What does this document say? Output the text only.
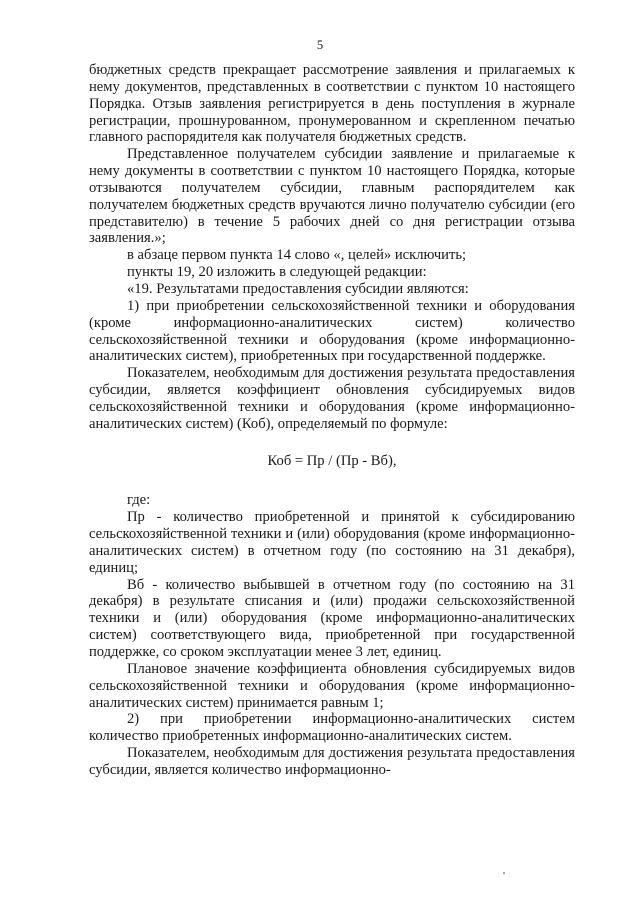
5

бюджетных средств прекращает рассмотрение заявления и прилагаемых к нему документов, представленных в соответствии с пунктом 10 настоящего Порядка. Отзыв заявления регистрируется в день поступления в журнале регистрации, прошнурованном, пронумерованном и скрепленном печатью главного распорядителя как получателя бюджетных средств.

Представленное получателем субсидии заявление и прилагаемые к нему документы в соответствии с пунктом 10 настоящего Порядка, которые отзываются получателем субсидии, главным распорядителем как получателем бюджетных средств вручаются лично получателю субсидии (его представителю) в течение 5 рабочих дней со дня регистрации отзыва заявления.»;

в абзаце первом пункта 14 слово «, целей» исключить;

пункты 19, 20 изложить в следующей редакции:

«19. Результатами предоставления субсидии являются:

1) при приобретении сельскохозяйственной техники и оборудования (кроме информационно-аналитических систем) количество сельскохозяйственной техники и оборудования (кроме информационно-аналитических систем), приобретенных при государственной поддержке.

Показателем, необходимым для достижения результата предоставления субсидии, является коэффициент обновления субсидируемых видов сельскохозяйственной техники и оборудования (кроме информационно-аналитических систем) (Коб), определяемый по формуле:

Коб = Пр / (Пр - Вб),

где:

Пр - количество приобретенной и принятой к субсидированию сельскохозяйственной техники и (или) оборудования (кроме информационно-аналитических систем) в отчетном году (по состоянию на 31 декабря), единиц;

Вб - количество выбывшей в отчетном году (по состоянию на 31 декабря) в результате списания и (или) продажи сельскохозяйственной техники и (или) оборудования (кроме информационно-аналитических систем) соответствующего вида, приобретенной при государственной поддержке, со сроком эксплуатации менее 3 лет, единиц.

Плановое значение коэффициента обновления субсидируемых видов сельскохозяйственной техники и оборудования (кроме информационно-аналитических систем) принимается равным 1;

2) при приобретении информационно-аналитических систем количество приобретенных информационно-аналитических систем.

Показателем, необходимым для достижения результата предоставления субсидии, является количество информационно-
